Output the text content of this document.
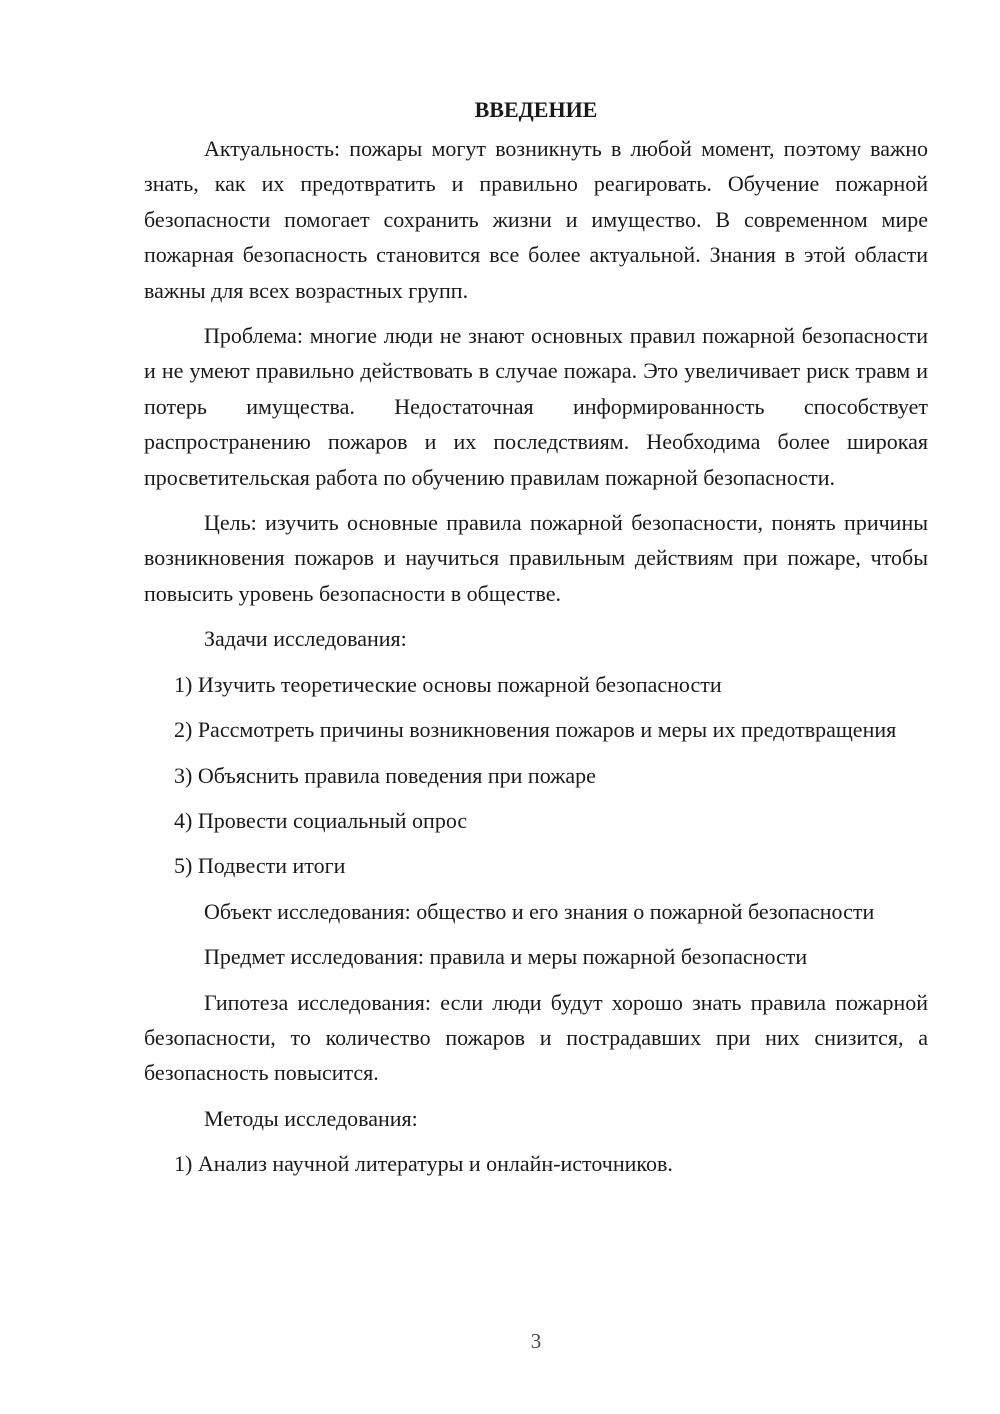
ВВЕДЕНИЕ

Актуальность: пожары могут возникнуть в любой момент, поэтому важно знать, как их предотвратить и правильно реагировать. Обучение пожарной безопасности помогает сохранить жизни и имущество. В современном мире пожарная безопасность становится все более актуальной. Знания в этой области важны для всех возрастных групп.

Проблема: многие люди не знают основных правил пожарной безопасности и не умеют правильно действовать в случае пожара. Это увеличивает риск травм и потерь имущества. Недостаточная информированность способствует распространению пожаров и их последствиям. Необходима более широкая просветительская работа по обучению правилам пожарной безопасности.

Цель: изучить основные правила пожарной безопасности, понять причины возникновения пожаров и научиться правильным действиям при пожаре, чтобы повысить уровень безопасности в обществе.

Задачи исследования:

1) Изучить теоретические основы пожарной безопасности

2) Рассмотреть причины возникновения пожаров и меры их предотвращения

3) Объяснить правила поведения при пожаре

4) Провести социальный опрос

5) Подвести итоги

Объект исследования: общество и его знания о пожарной безопасности

Предмет исследования: правила и меры пожарной безопасности

Гипотеза исследования: если люди будут хорошо знать правила пожарной безопасности, то количество пожаров и пострадавших при них снизится, а безопасность повысится.

Методы исследования:

1) Анализ научной литературы и онлайн-источников.

3
